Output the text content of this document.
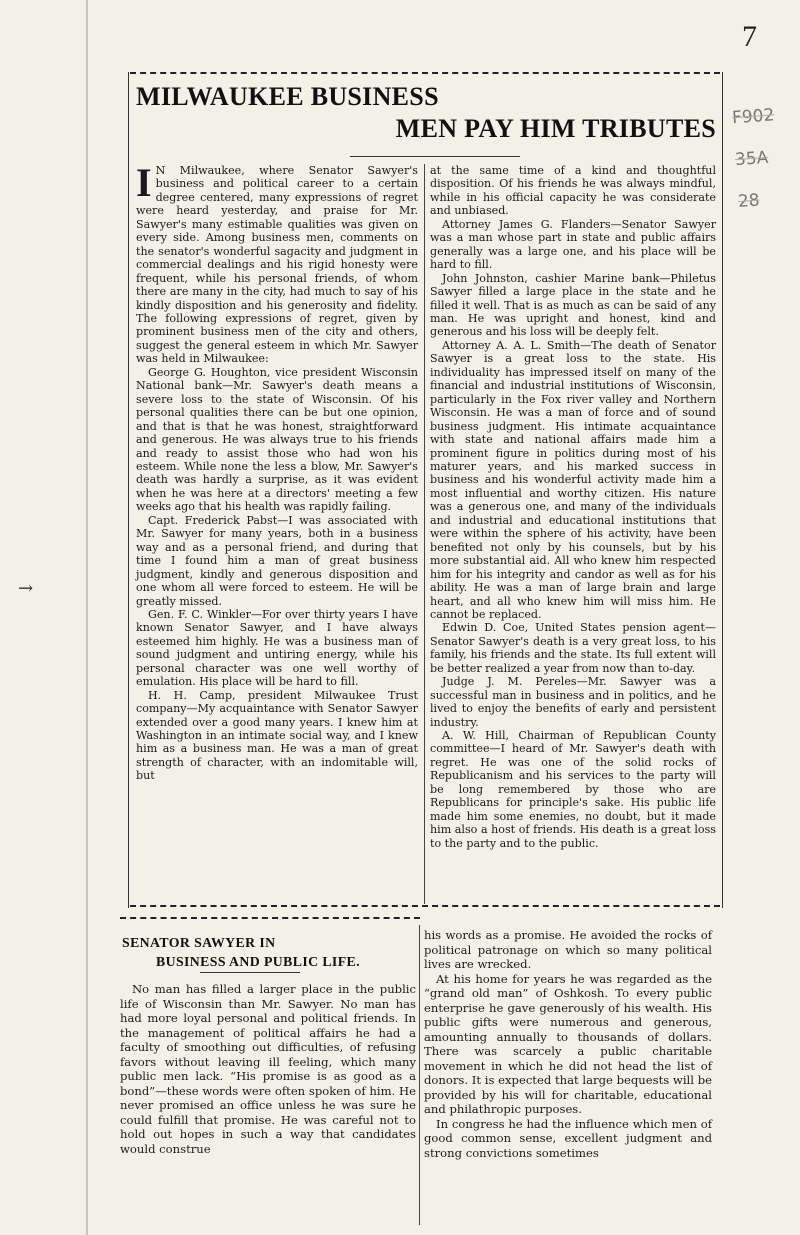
7
F902
35A
28
→
MILWAUKEE BUSINESS
MEN PAY HIM TRIBUTES

I N Milwaukee, where Senator Sawyer's business and political career to a certain degree centered, many expressions of regret were heard yesterday, and praise for Mr. Sawyer's many estimable qualities was given on every side. Among business men, comments on the senator's wonderful sagacity and judgment in commercial dealings and his rigid honesty were frequent, while his personal friends, of whom there are many in the city, had much to say of his kindly disposition and his generosity and fidelity. The following expressions of regret, given by prominent business men of the city and others, suggest the general esteem in which Mr. Sawyer was held in Milwaukee:

George G. Houghton, vice president Wisconsin National bank—Mr. Sawyer's death means a severe loss to the state of Wisconsin. Of his personal qualities there can be but one opinion, and that is that he was honest, straightforward and generous. He was always true to his friends and ready to assist those who had won his esteem. While none the less a blow, Mr. Sawyer's death was hardly a surprise, as it was evident when he was here at a directors' meeting a few weeks ago that his health was rapidly failing.

Capt. Frederick Pabst—I was associated with Mr. Sawyer for many years, both in a business way and as a personal friend, and during that time I found him a man of great business judgment, kindly and generous disposition and one whom all were forced to esteem. He will be greatly missed.

Gen. F. C. Winkler—For over thirty years I have known Senator Sawyer, and I have always esteemed him highly. He was a business man of sound judgment and untiring energy, while his personal character was one well worthy of emulation. His place will be hard to fill.

H. H. Camp, president Milwaukee Trust company—My acquaintance with Senator Sawyer extended over a good many years. I knew him at Washington in an intimate social way, and I knew him as a business man. He was a man of great strength of character, with an indomitable will, but

at the same time of a kind and thoughtful disposition. Of his friends he was always mindful, while in his official capacity he was considerate and unbiased.

Attorney James G. Flanders—Senator Sawyer was a man whose part in state and public affairs generally was a large one, and his place will be hard to fill.

John Johnston, cashier Marine bank—Philetus Sawyer filled a large place in the state and he filled it well. That is as much as can be said of any man. He was upright and honest, kind and generous and his loss will be deeply felt.

Attorney A. A. L. Smith—The death of Senator Sawyer is a great loss to the state. His individuality has impressed itself on many of the financial and industrial institutions of Wisconsin, particularly in the Fox river valley and Northern Wisconsin. He was a man of force and of sound business judgment. His intimate acquaintance with state and national affairs made him a prominent figure in politics during most of his maturer years, and his marked success in business and his wonderful activity made him a most influential and worthy citizen. His nature was a generous one, and many of the individuals and industrial and educational institutions that were within the sphere of his activity, have been benefited not only by his counsels, but by his more substantial aid. All who knew him respected him for his integrity and candor as well as for his ability. He was a man of large brain and large heart, and all who knew him will miss him. He cannot be replaced.

Edwin D. Coe, United States pension agent—Senator Sawyer's death is a very great loss, to his family, his friends and the state. Its full extent will be better realized a year from now than to-day.

Judge J. M. Pereles—Mr. Sawyer was a successful man in business and in politics, and he lived to enjoy the benefits of early and persistent industry.

A. W. Hill, Chairman of Republican County committee—I heard of Mr. Sawyer's death with regret. He was one of the solid rocks of Republicanism and his services to the party will be long remembered by those who are Republicans for principle's sake. His public life made him some enemies, no doubt, but it made him also a host of friends. His death is a great loss to the party and to the public.

SENATOR SAWYER IN
BUSINESS AND PUBLIC LIFE.

No man has filled a larger place in the public life of Wisconsin than Mr. Sawyer. No man has had more loyal personal and political friends. In the management of political affairs he had a faculty of smoothing out difficulties, of refusing favors without leaving ill feeling, which many public men lack. “His promise is as good as a bond”—these words were often spoken of him. He never promised an office unless he was sure he could fulfill that promise. He was careful not to hold out hopes in such a way that candidates would construe

his words as a promise. He avoided the rocks of political patronage on which so many political lives are wrecked.

At his home for years he was regarded as the “grand old man” of Oshkosh. To every public enterprise he gave generously of his wealth. His public gifts were numerous and generous, amounting annually to thousands of dollars. There was scarcely a public charitable movement in which he did not head the list of donors. It is expected that large bequests will be provided by his will for charitable, educational and philathropic purposes.

In congress he had the influence which men of good common sense, excellent judgment and strong convictions sometimes
